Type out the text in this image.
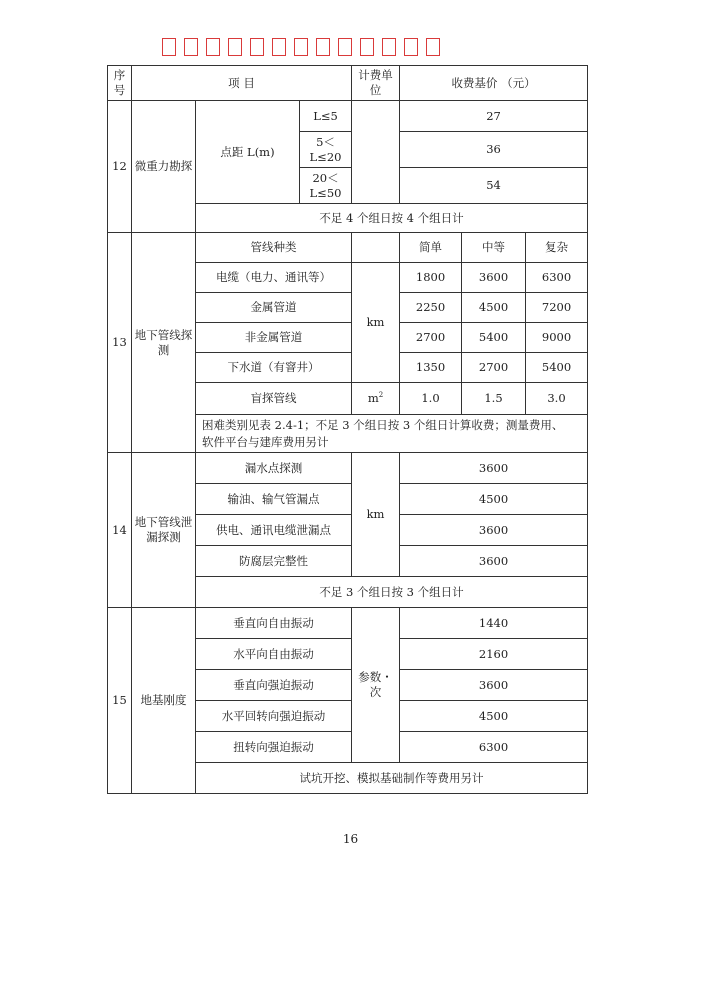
序号	项 目			计费单位	收费基价 （元）		
12	微重力勘探	点距 L(m)	L≤5		27		
			5＜L≤20		36		
			20＜L≤50		54		
		不足 4 个组日按 4 个组日计					
13	地下管线探测	管线种类			简单	中等	复杂
		电缆（电力、通讯等）		km	1800	3600	6300
		金属管道			2250	4500	7200
		非金属管道			2700	5400	9000
		下水道（有窨井）			1350	2700	5400
		盲探管线		$m^2$	1.0	1.5	3.0

		困难类别见表 2.4-1；不足 3 个组日按 3 个组日计算收费；测量费用、
软件平台与建库费用另计					

14	地下管线泄漏探测	漏水点探测		km	3600		
		输油、输气管漏点			4500		
		供电、通讯电缆泄漏点			3600		
		防腐层完整性			3600		
		不足 3 个组日按 3 个组日计					
15	地基刚度	垂直向自由振动		参数・次	1440		
		水平向自由振动			2160		
		垂直向强迫振动			3600		
		水平回转向强迫振动			4500		
		扭转向强迫振动			6300		
		试坑开挖、模拟基础制作等费用另计					
16
